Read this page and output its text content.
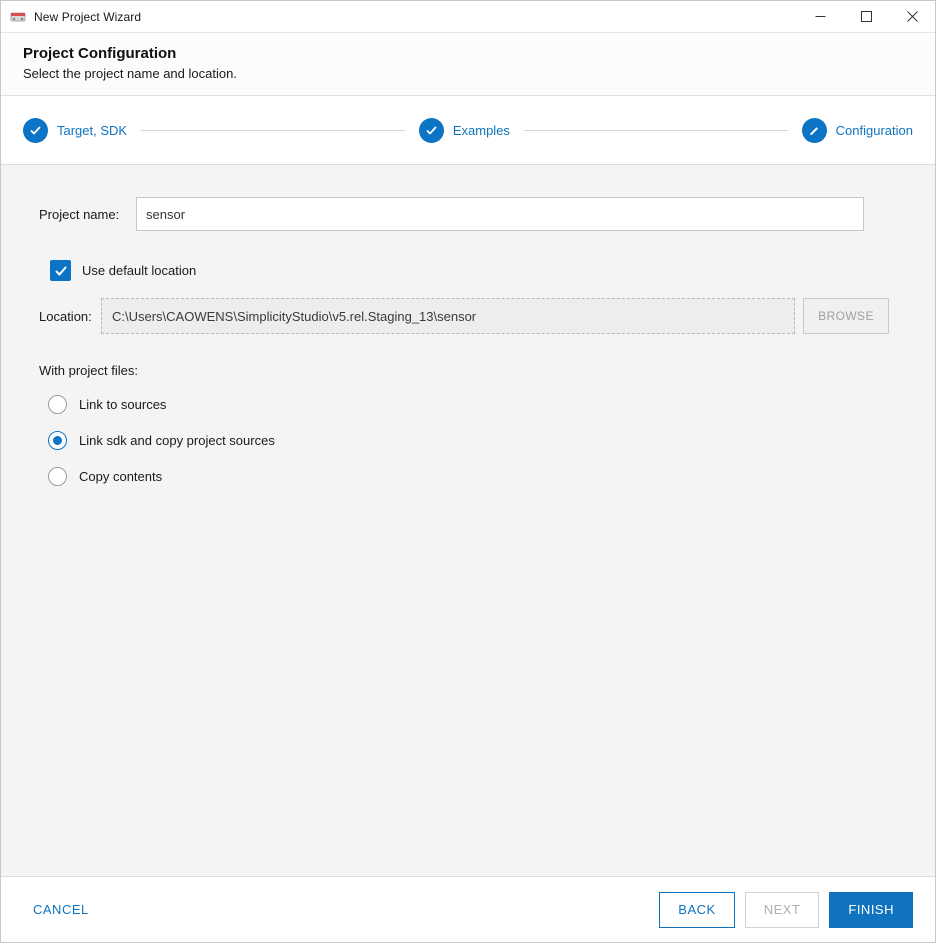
New Project Wizard
Project Configuration

Select the project name and location.

Target, SDK	Examples	Configuration
Project name:
sensor
Use default location
Location:	C:\Users\CAOWENS\SimplicityStudio\v5.rel.Staging_13\sensor	BROWSE
With project files:
Link to sources
Link sdk and copy project sources
Copy contents
CANCEL	BACK	NEXT	FINISH
